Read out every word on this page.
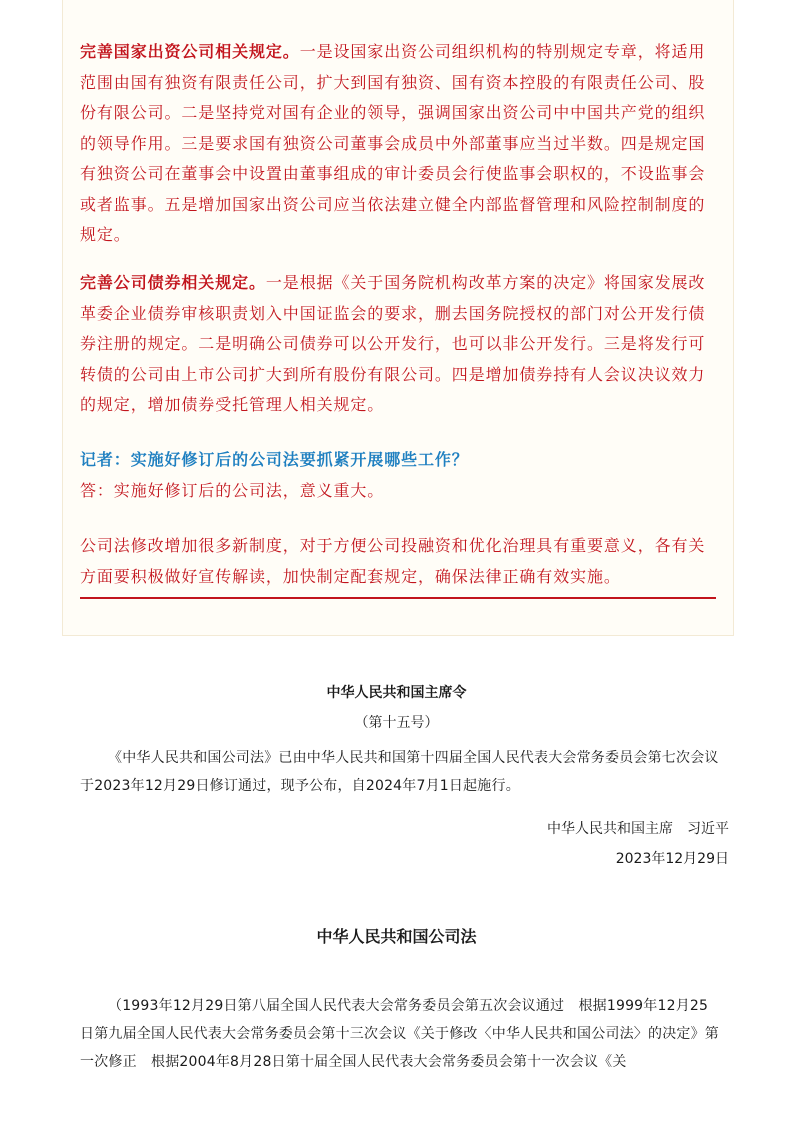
完善国家出资公司相关规定。一是设国家出资公司组织机构的特别规定专章，将适用范围由国有独资有限责任公司，扩大到国有独资、国有资本控股的有限责任公司、股份有限公司。二是坚持党对国有企业的领导，强调国家出资公司中中国共产党的组织的领导作用。三是要求国有独资公司董事会成员中外部董事应当过半数。四是规定国有独资公司在董事会中设置由董事组成的审计委员会行使监事会职权的，不设监事会或者监事。五是增加国家出资公司应当依法建立健全内部监督管理和风险控制制度的规定。

完善公司债券相关规定。一是根据《关于国务院机构改革方案的决定》将国家发展改革委企业债券审核职责划入中国证监会的要求，删去国务院授权的部门对公开发行债券注册的规定。二是明确公司债券可以公开发行，也可以非公开发行。三是将发行可转债的公司由上市公司扩大到所有股份有限公司。四是增加债券持有人会议决议效力的规定，增加债券受托管理人相关规定。

记者：实施好修订后的公司法要抓紧开展哪些工作？
答：实施好修订后的公司法，意义重大。

公司法修改增加很多新制度，对于方便公司投融资和优化治理具有重要意义，各有关方面要积极做好宣传解读，加快制定配套规定，确保法律正确有效实施。

中华人民共和国主席令
（第十五号）

《中华人民共和国公司法》已由中华人民共和国第十四届全国人民代表大会常务委员会第七次会议于2023年12月29日修订通过，现予公布，自2024年7月1日起施行。

中华人民共和国主席　习近平
2023年12月29日
中华人民共和国公司法

（1993年12月29日第八届全国人民代表大会常务委员会第五次会议通过　根据1999年12月25日第九届全国人民代表大会常务委员会第十三次会议《关于修改〈中华人民共和国公司法〉的决定》第一次修正　根据2004年8月28日第十届全国人民代表大会常务委员会第十一次会议《关
